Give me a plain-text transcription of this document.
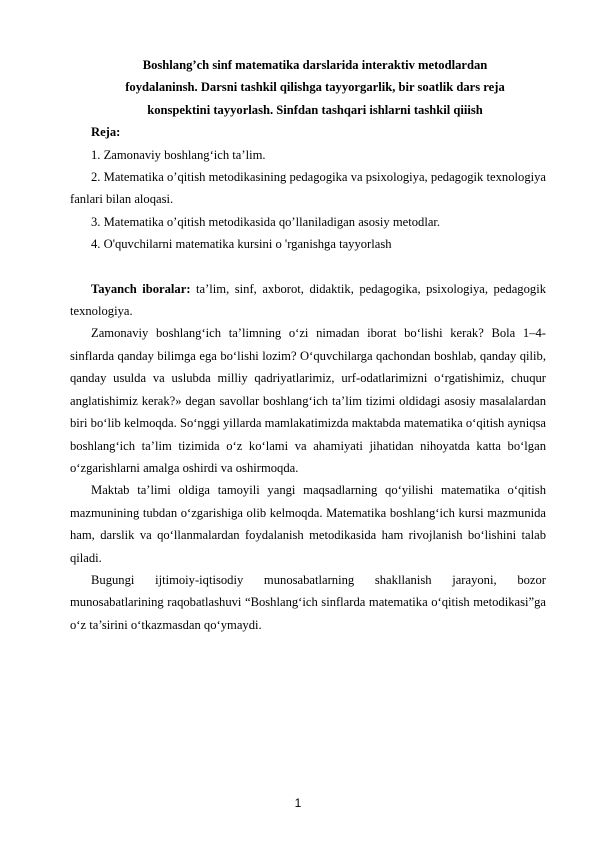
Boshlang’ch sinf matematika darslarida interaktiv metodlardan
foydalaninsh. Darsni tashkil qilishga tayyorgarlik, bir soatlik dars reja
konspektini tayyorlash. Sinfdan tashqari ishlarni tashkil qiiish

Reja:

1. Zamonaviy boshlang‘ich ta’lim.

2. Matematika o’qitish metodikasining pedagogika va psixologiya, pedagogik texnologiya fanlari bilan aloqasi.

3. Matematika o’qitish metodikasida qo’llaniladigan asosiy metodlar.

4. O'quvchilarni matematika kursini o 'rganishga tayyorlash

Tayanch iboralar: ta’lim, sinf, axborot, didaktik, pedagogika, psixologiya, pedagogik texnologiya.

Zamonaviy boshlang‘ich ta’limning o‘zi nimadan iborat bo‘lishi kerak? Bola 1–4-sinflarda qanday bilimga ega bo‘lishi lozim? O‘quvchilarga qachondan boshlab, qanday qilib, qanday usulda va uslubda milliy qadriyatlarimiz, urf-odatlarimizni o‘rgatishimiz, chuqur anglatishimiz kerak?» degan savollar boshlang‘ich ta’lim tizimi oldidagi asosiy masalalardan biri bo‘lib kelmoqda. So‘nggi yillarda mamlakatimizda maktabda matematika o‘qitish ayniqsa boshlang‘ich ta’lim tizimida o‘z ko‘lami va ahamiyati jihatidan nihoyatda katta bo‘lgan o‘zgarishlarni amalga oshirdi va oshirmoqda.

Maktab ta’limi oldiga tamoyili yangi maqsadlarning qo‘yilishi matematika o‘qitish mazmunining tubdan o‘zgarishiga olib kelmoqda. Matematika boshlang‘ich kursi mazmunida ham, darslik va qo‘llanmalardan foydalanish metodikasida ham rivojlanish bo‘lishini talab qiladi.

Bugungi ijtimoiy-iqtisodiy munosabatlarning shakllanish jarayoni, bozor munosabatlarining raqobatlashuvi “Boshlang‘ich sinflarda matematika o‘qitish metodikasi”ga o‘z ta’sirini o‘tkazmasdan qo‘ymaydi.

1
